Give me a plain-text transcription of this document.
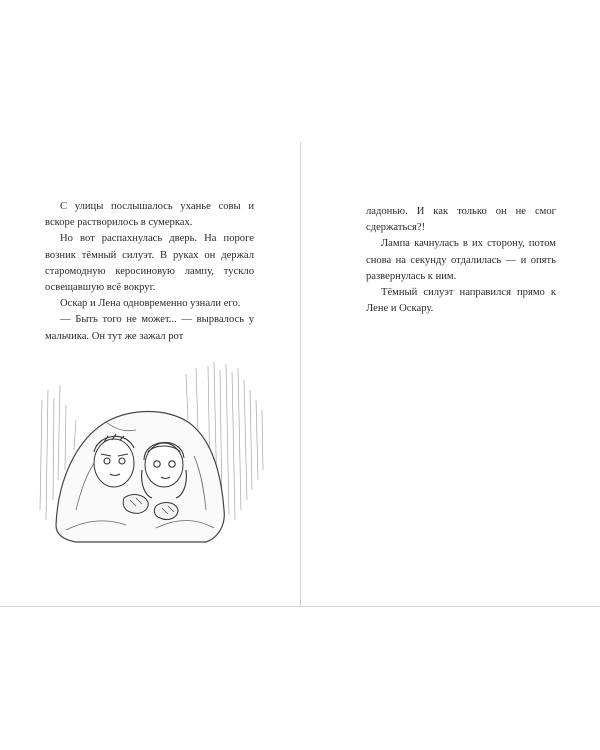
С улицы послышалось уханье совы и вскоре растворилось в сумерках.

Но вот распахнулась дверь. На пороге возник тёмный силуэт. В руках он держал старомодную керосиновую лампу, тускло освещавшую всё вокруг.

Оскар и Лена одновременно узнали его.

— Быть того не может... — вырвалось у мальчика. Он тут же зажал рот

ладонью. И как только он не смог сдержаться?!

Лампа качнулась в их сторону, потом снова на секунду отдалилась — и опять развернулась к ним.

Тёмный силуэт направился прямо к Лене и Оскару.
